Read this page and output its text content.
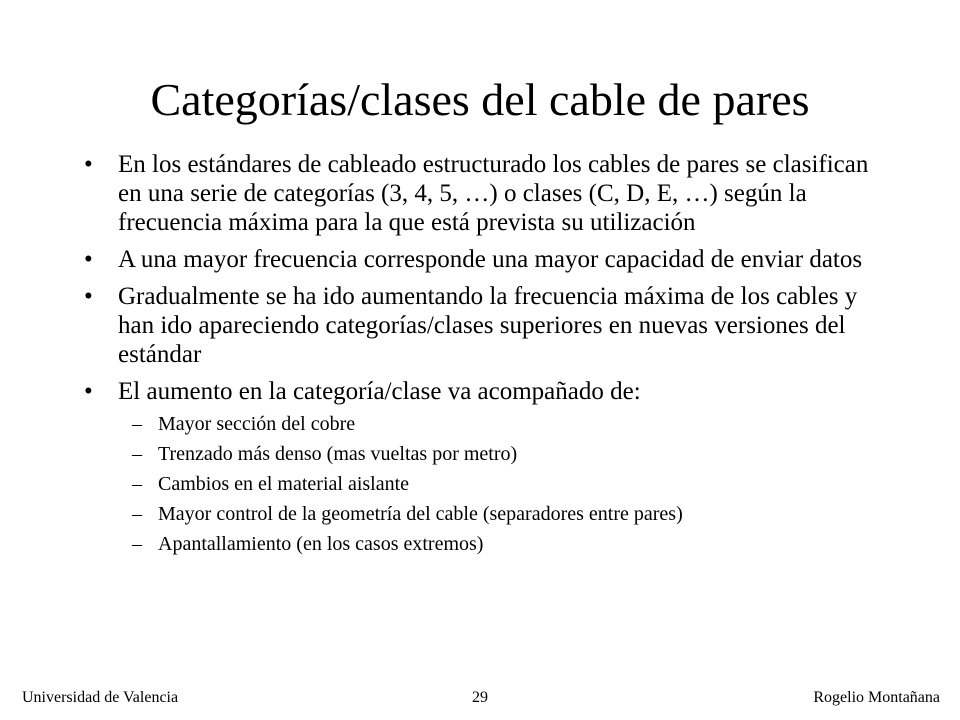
Categorías/clases del cable de pares
• En los estándares de cableado estructurado los cables de pares se clasifican en una serie de categorías (3, 4, 5, …) o clases (C, D, E, …) según la frecuencia máxima para la que está prevista su utilización
• A una mayor frecuencia corresponde una mayor capacidad de enviar datos
• Gradualmente se ha ido aumentando la frecuencia máxima de los cables y han ido apareciendo categorías/clases superiores en nuevas versiones del estándar
• El aumento en la categoría/clase va acompañado de:
– Mayor sección del cobre
– Trenzado más denso (mas vueltas por metro)
– Cambios en el material aislante
– Mayor control de la geometría del cable (separadores entre pares)
– Apantallamiento (en los casos extremos)
29
Universidad de Valencia	Rogelio Montañana
